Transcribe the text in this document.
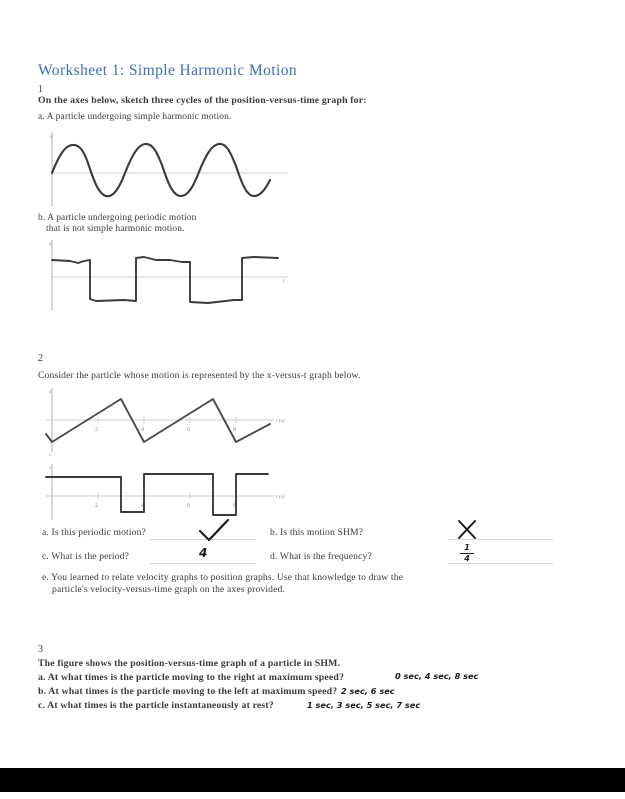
Worksheet 1: Simple Harmonic Motion
1
On the axes below, sketch three cycles of the position-versus-time graph for:
a. A particle undergoing simple harmonic motion.
x
b. A particle undergoing periodic motion
that is not simple harmonic motion.
x
t
2
Consider the particle whose motion is represented by the x-versus-t graph below.
x
v
t (s)
2	4	6	8
v
t (s)
2	4	6	8
a. Is this periodic motion?	b. Is this motion SHM?
c. What is the period?	4	d. What is the frequency?
1
4
e. You learned to relate velocity graphs to position graphs. Use that knowledge to draw the
particle's velocity-versus-time graph on the axes provided.
3
The figure shows the position-versus-time graph of a particle in SHM.
a. At what times is the particle moving to the right at maximum speed?	0 sec, 4 sec, 8 sec
b. At what times is the particle moving to the left at maximum speed? 2 sec, 6 sec
c. At what times is the particle instantaneously at rest?	1 sec, 3 sec, 5 sec, 7 sec
